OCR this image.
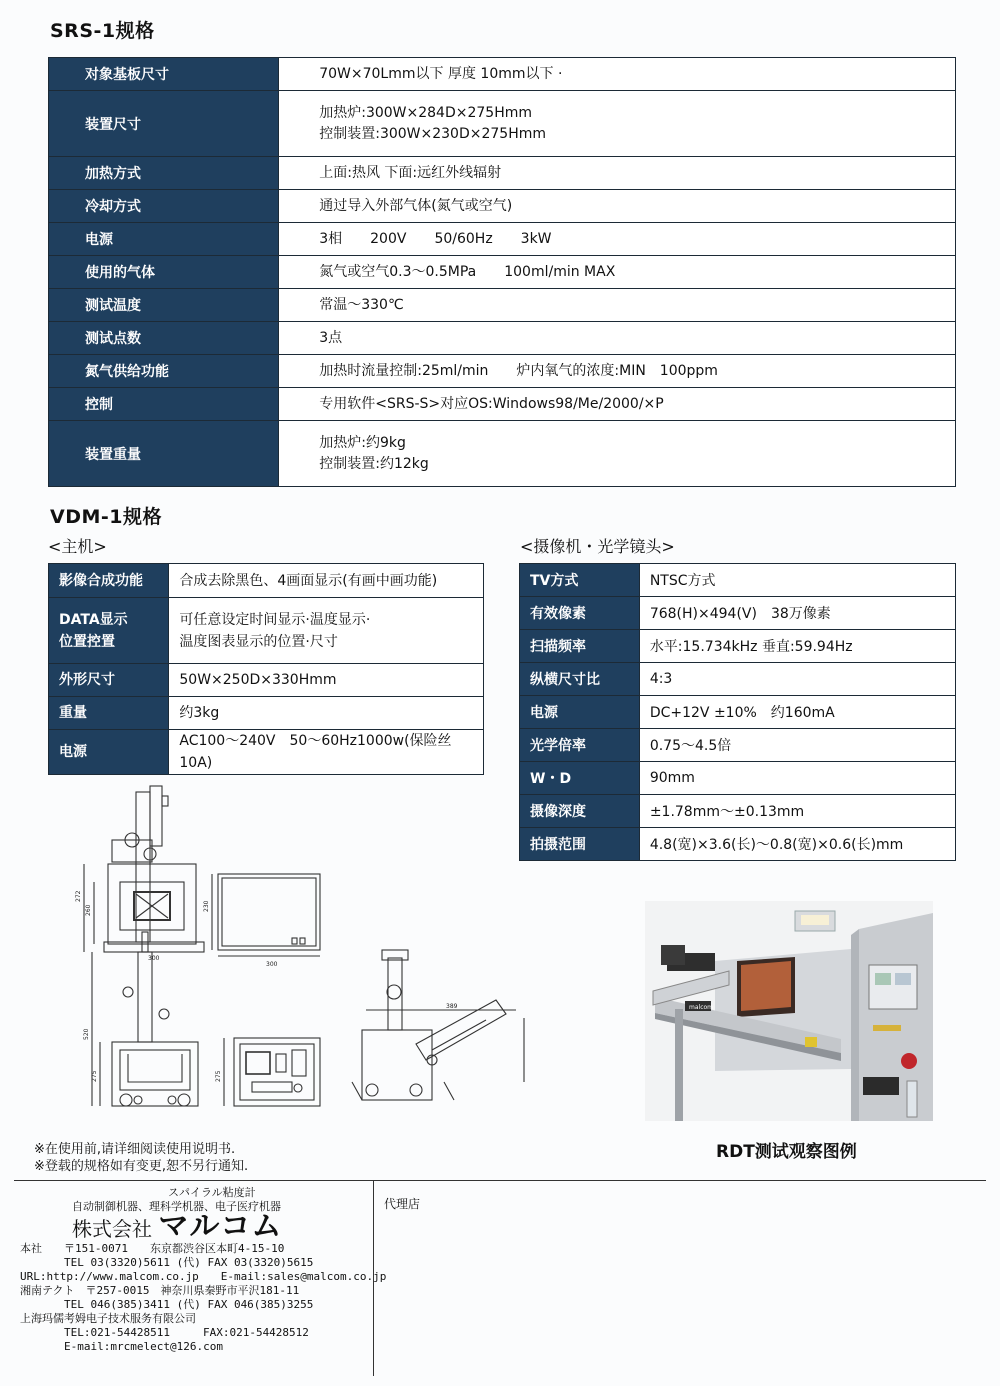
SRS-1规格
对象基板尺寸	70W×70Lmm以下 厚度 10mm以下 ·

装置尺寸	加热炉:300W×284D×275Hmm
控制装置:300W×230D×275Hmm

加热方式	上面:热风 下面:远红外线辐射

冷却方式	通过导入外部气体(氮气或空气)

电源	3相　　200V　　50/60Hz　　3kW

使用的气体	氮气或空气0.3～0.5MPa　　100ml/min MAX

测试温度	常温～330℃

测试点数	3点

氮气供给功能	加热时流量控制:25ml/min　　炉内氧气的浓度:MIN　100ppm

控制	专用软件<SRS-S>对应OS:Windows98/Me/2000/×P

装置重量	加热炉:约9kg
控制装置:约12kg
VDM-1规格
<主机>	<摄像机・光学镜头>
影像合成功能	合成去除黑色、4画面显示(有画中画功能)

DATA显示
位置控置	可任意设定时间显示·温度显示·
温度图表显示的位置·尺寸

外形尺寸	50W×250D×330Hmm

重量	约3kg

电源	AC100～240V　50～60Hz1000w(保险丝10A)
TV方式	NTSC方式
有效像素	768(H)×494(V)　38万像素
扫描频率	水平:15.734kHz 垂直:59.94Hz
纵横尺寸比	4:3
电源	DC+12V ±10%　约160mA
光学倍率	0.75～4.5倍
W・D	90mm
摄像深度	±1.78mm～±0.13mm
拍摄范围	4.8(宽)×3.6(长)～0.8(宽)×0.6(长)mm
272
260
300
230
300
520
275	275
389	malcom
RDT测试观察图例
※在使用前,请详细阅读使用说明书.
※登载的规格如有变更,恕不另行通知.
スパイラル粘度計
自动制御机器、理科学机器、电子医疗机器
株式会社 マルコム
本社　　〒151-0071　　东京都渋谷区本町4-15-10
　　　　TEL 03(3320)5611 (代) FAX 03(3320)5615
URL:http://www.malcom.co.jp　　E-mail:sales@malcom.co.jp
湘南テクト　〒257-0015　神奈川県秦野市平沢181-11
　　　　TEL 046(385)3411 (代) FAX 046(385)3255
上海玛儒考姆电子技术服务有限公司
　　　　TEL:021-54428511　　　FAX:021-54428512
　　　　E-mail:mrcmelect@126.com
代理店
